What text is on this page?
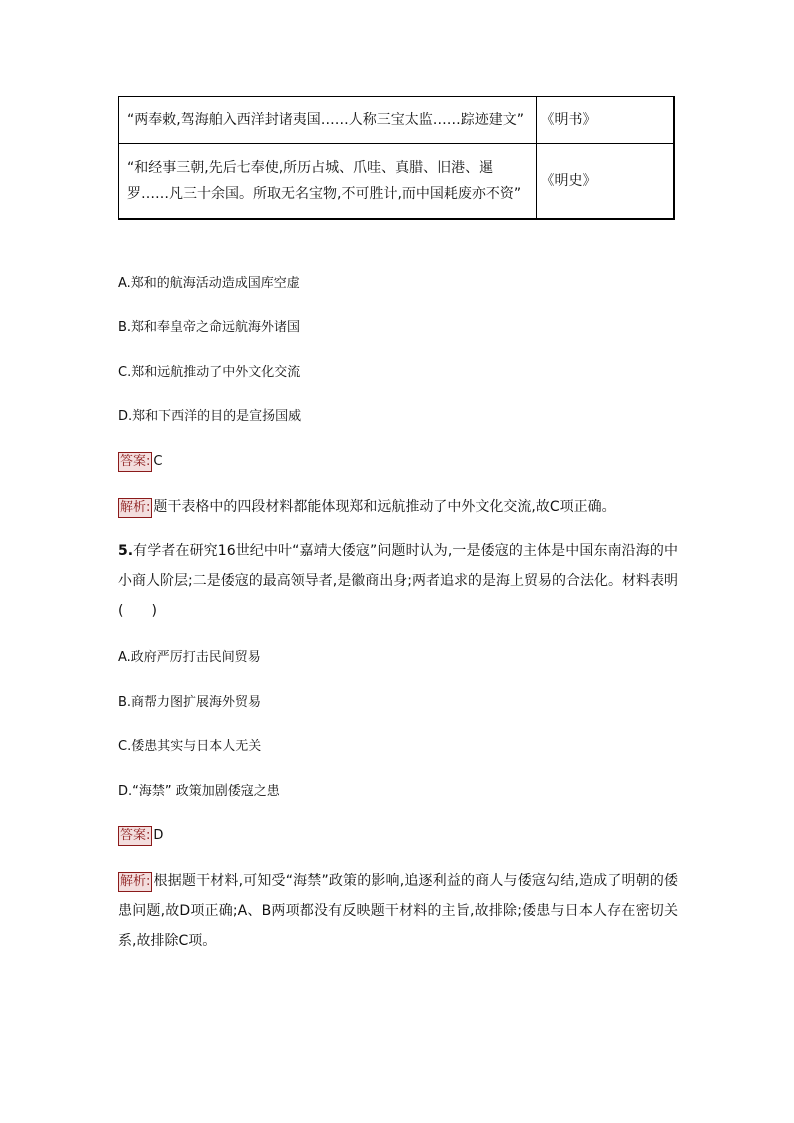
“两奉敕,驾海舶入西洋封诸夷国……人称三宝太监……踪迹建文”	《明书》
“和经事三朝,先后七奉使,所历占城、爪哇、真腊、旧港、暹罗……凡三十余国。所取无名宝物,不可胜计,而中国耗废亦不资”	《明史》
A.郑和的航海活动造成国库空虚
B.郑和奉皇帝之命远航海外诸国
C.郑和远航推动了中外文化交流
D.郑和下西洋的目的是宣扬国威
答案: C
解析: 题干表格中的四段材料都能体现郑和远航推动了中外文化交流,故C项正确。
5.有学者在研究16世纪中叶“嘉靖大倭寇”问题时认为,一是倭寇的主体是中国东南沿海的中小商人阶层;二是倭寇的最高领导者,是徽商出身;两者追求的是海上贸易的合法化。材料表明(　　)
A.政府严厉打击民间贸易
B.商帮力图扩展海外贸易
C.倭患其实与日本人无关
D.“海禁” 政策加剧倭寇之患
答案: D
解析: 根据题干材料,可知受“海禁”政策的影响,追逐利益的商人与倭寇勾结,造成了明朝的倭患问题,故D项正确;A、B两项都没有反映题干材料的主旨,故排除;倭患与日本人存在密切关系,故排除C项。
